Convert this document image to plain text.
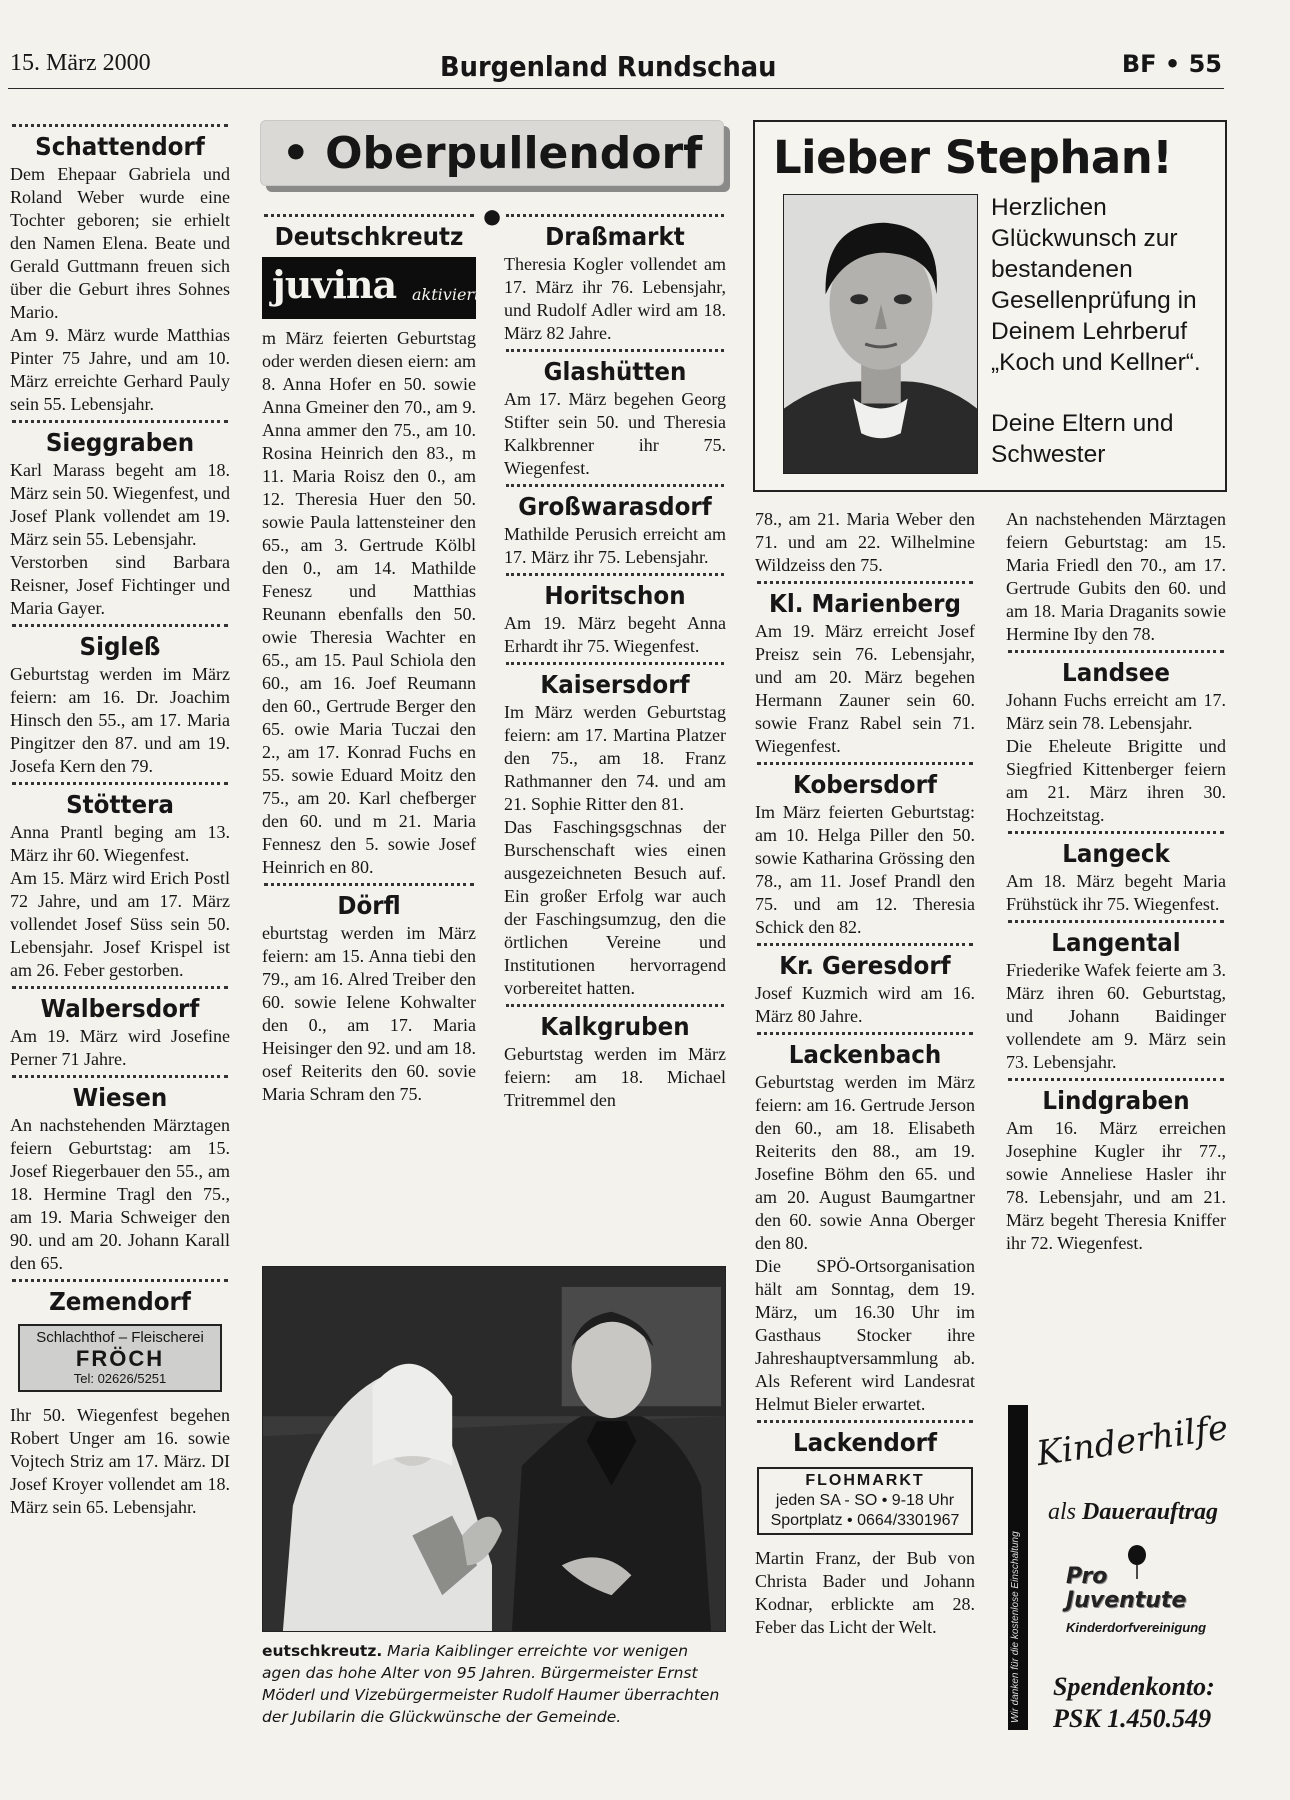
15. März 2000	Burgenland Rundschau	BF • 55
• Oberpullendorf •
Schattendorf

Dem Ehepaar Gabriela und Roland Weber wurde eine Tochter geboren; sie erhielt den Namen Elena. Beate und Gerald Guttmann freuen sich über die Geburt ihres Sohnes Mario.

Am 9. März wurde Matthias Pinter 75 Jahre, und am 10. März erreichte Gerhard Pauly sein 55. Lebensjahr.

Sieggraben

Karl Marass begeht am 18. März sein 50. Wiegenfest, und Josef Plank vollendet am 19. März sein 55. Lebensjahr.

Verstorben sind Barbara Reisner, Josef Fichtinger und Maria Gayer.

Sigleß

Geburtstag werden im März feiern: am 16. Dr. Joachim Hinsch den 55., am 17. Maria Pingitzer den 87. und am 19. Josefa Kern den 79.

Stöttera

Anna Prantl beging am 13. März ihr 60. Wiegenfest.

Am 15. März wird Erich Postl 72 Jahre, und am 17. März vollendet Josef Süss sein 50. Lebensjahr. Josef Krispel ist am 26. Feber gestorben.

Walbersdorf

Am 19. März wird Josefine Perner 71 Jahre.

Wiesen

An nachstehenden Märztagen feiern Geburtstag: am 15. Josef Riegerbauer den 55., am 18. Hermine Tragl den 75., am 19. Maria Schweiger den 90. und am 20. Johann Karall den 65.

Zemendorf
Schlachthof – Fleischerei
FRÖCH
Tel: 02626/5251

Ihr 50. Wiegenfest begehen Robert Unger am 16. sowie Vojtech Striz am 17. März. DI Josef Kroyer vollendet am 18. März sein 65. Lebensjahr.

Deutschkreutz
juvina aktiviert

m März feierten Geburtstag oder werden diesen eiern: am 8. Anna Hofer en 50. sowie Anna Gmeiner den 70., am 9. Anna ammer den 75., am 10. Rosina Heinrich den 83., m 11. Maria Roisz den 0., am 12. Theresia Huer den 50. sowie Paula lattensteiner den 65., am 3. Gertrude Kölbl den 0., am 14. Mathilde Fenesz und Matthias Reunann ebenfalls den 50. owie Theresia Wachter en 65., am 15. Paul Schiola den 60., am 16. Joef Reumann den 60., Gertrude Berger den 65. owie Maria Tuczai den 2., am 17. Konrad Fuchs en 55. sowie Eduard Moitz den 75., am 20. Karl chefberger den 60. und m 21. Maria Fennesz den 5. sowie Josef Heinrich en 80.

Dörfl

eburtstag werden im März feiern: am 15. Anna tiebi den 79., am 16. Alred Treiber den 60. sowie Ielene Kohwalter den 0., am 17. Maria Heisinger den 92. und am 18. osef Reiterits den 60. sovie Maria Schram den 75.

Draßmarkt

Theresia Kogler vollendet am 17. März ihr 76. Lebensjahr, und Rudolf Adler wird am 18. März 82 Jahre.

Glashütten

Am 17. März begehen Georg Stifter sein 50. und Theresia Kalkbrenner ihr 75. Wiegenfest.

Großwarasdorf

Mathilde Perusich erreicht am 17. März ihr 75. Lebensjahr.

Horitschon

Am 19. März begeht Anna Erhardt ihr 75. Wiegenfest.

Kaisersdorf

Im März werden Geburtstag feiern: am 17. Martina Platzer den 75., am 18. Franz Rathmanner den 74. und am 21. Sophie Ritter den 81.

Das Faschingsgschnas der Burschenschaft wies einen ausgezeichneten Besuch auf. Ein großer Erfolg war auch der Faschingsumzug, den die örtlichen Vereine und Institutionen hervorragend vorbereitet hatten.

Kalkgruben

Geburtstag werden im März feiern: am 18. Michael Tritremmel den

eutschkreutz. Maria Kaiblinger erreichte vor wenigen agen das hohe Alter von 95 Jahren. Bürgermeister Ernst Möderl und Vizebürgermeister Rudolf Haumer überrachten der Jubilarin die Glückwünsche der Gemeinde.
Lieber Stephan!
Herzlichen Glückwunsch zur bestandenen Gesellenprüfung in Deinem Lehrberuf „Koch und Kellner“.
Deine Eltern und Schwester

78., am 21. Maria Weber den 71. und am 22. Wilhelmine Wildzeiss den 75.

Kl. Marienberg

Am 19. März erreicht Josef Preisz sein 76. Lebensjahr, und am 20. März begehen Hermann Zauner sein 60. sowie Franz Rabel sein 71. Wiegenfest.

Kobersdorf

Im März feierten Geburtstag: am 10. Helga Piller den 50. sowie Katharina Grössing den 78., am 11. Josef Prandl den 75. und am 12. Theresia Schick den 82.

Kr. Geresdorf

Josef Kuzmich wird am 16. März 80 Jahre.

Lackenbach

Geburtstag werden im März feiern: am 16. Gertrude Jerson den 60., am 18. Elisabeth Reiterits den 88., am 19. Josefine Böhm den 65. und am 20. August Baumgartner den 60. sowie Anna Oberger den 80.

Die SPÖ-Ortsorganisation hält am Sonntag, dem 19. März, um 16.30 Uhr im Gasthaus Stocker ihre Jahreshauptversammlung ab. Als Referent wird Landesrat Helmut Bieler erwartet.

Lackendorf
FLOHMARKT
jeden SA - SO • 9-18 Uhr
Sportplatz • 0664/3301967

Martin Franz, der Bub von Christa Bader und Johann Kodnar, erblickte am 28. Feber das Licht der Welt.

An nachstehenden Märztagen feiern Geburtstag: am 15. Maria Friedl den 70., am 17. Gertrude Gubits den 60. und am 18. Maria Draganits sowie Hermine Iby den 78.

Landsee

Johann Fuchs erreicht am 17. März sein 78. Lebensjahr.

Die Eheleute Brigitte und Siegfried Kittenberger feiern am 21. März ihren 30. Hochzeitstag.

Langeck

Am 18. März begeht Maria Frühstück ihr 75. Wiegenfest.

Langental

Friederike Wafek feierte am 3. März ihren 60. Geburtstag, und Johann Baidinger vollendete am 9. März sein 73. Lebensjahr.

Lindgraben

Am 16. März erreichen Josephine Kugler ihr 77., sowie Anneliese Hasler ihr 78. Lebensjahr, und am 21. März begeht Theresia Kniffer ihr 72. Wiegenfest.

Wir danken für die kostenlose Einschaltung
Kinderhilfe
als Dauerauftrag
Pro Juventute
Kinderdorfvereinigung
Spendenkonto:
PSK 1.450.549
